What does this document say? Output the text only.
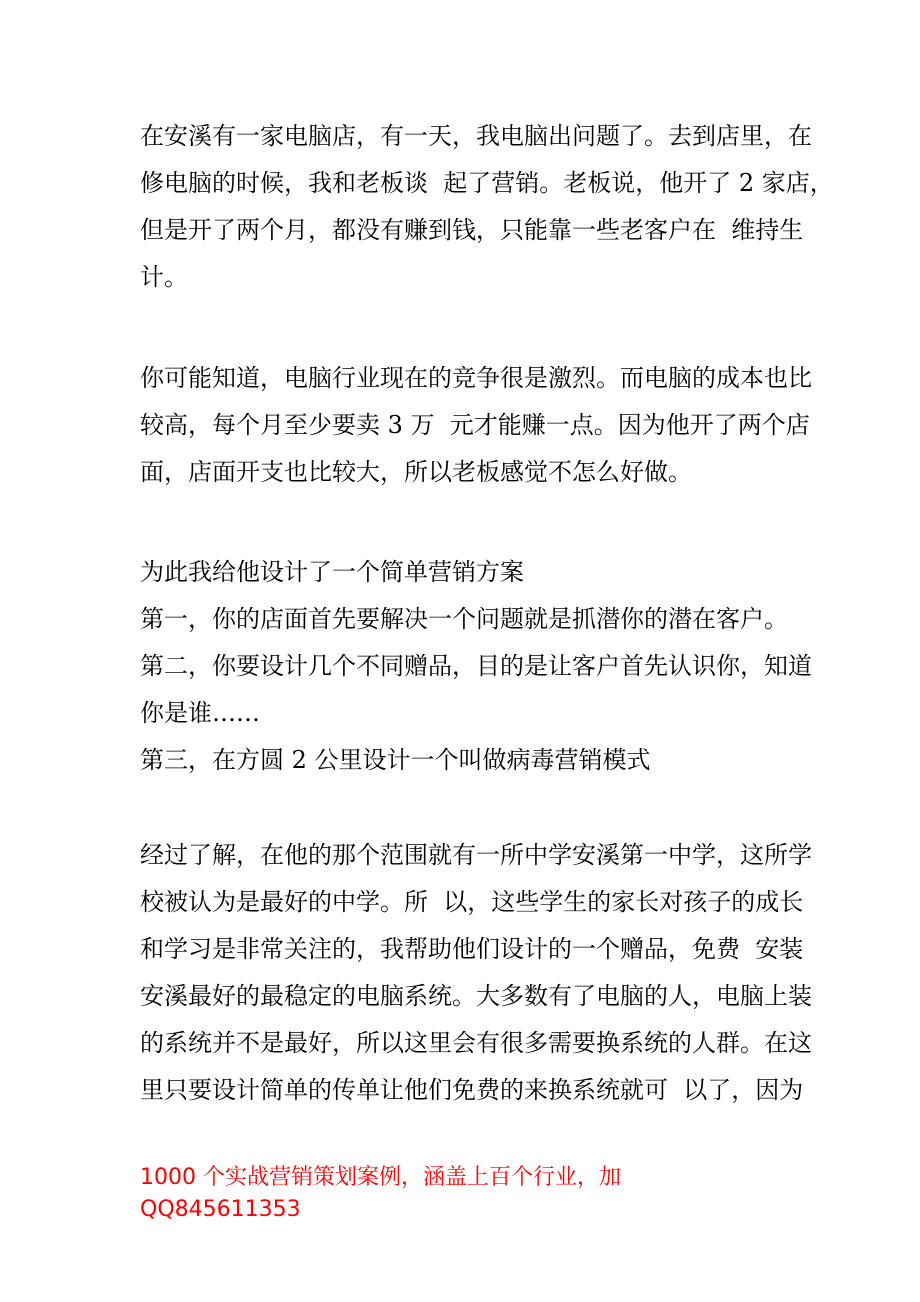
在安溪有一家电脑店，有一天，我电脑出问题了。去到店里，在
修电脑的时候，我和老板谈  起了营销。老板说，他开了 2 家店，
但是开了两个月，都没有赚到钱，只能靠一些老客户在  维持生
计。
你可能知道，电脑行业现在的竞争很是激烈。而电脑的成本也比
较高，每个月至少要卖 3 万  元才能赚一点。因为他开了两个店
面，店面开支也比较大，所以老板感觉不怎么好做。
为此我给他设计了一个简单营销方案
第一，你的店面首先要解决一个问题就是抓潜你的潜在客户。
第二，你要设计几个不同赠品，目的是让客户首先认识你，知道
你是谁……
第三，在方圆 2 公里设计一个叫做病毒营销模式
经过了解，在他的那个范围就有一所中学安溪第一中学，这所学
校被认为是最好的中学。所  以，这些学生的家长对孩子的成长
和学习是非常关注的，我帮助他们设计的一个赠品，免费  安装
安溪最好的最稳定的电脑系统。大多数有了电脑的人，电脑上装
的系统并不是最好，所以这里会有很多需要换系统的人群。在这
里只要设计简单的传单让他们免费的来换系统就可  以了，因为
1000 个实战营销策划案例，涵盖上百个行业，加
QQ845611353
